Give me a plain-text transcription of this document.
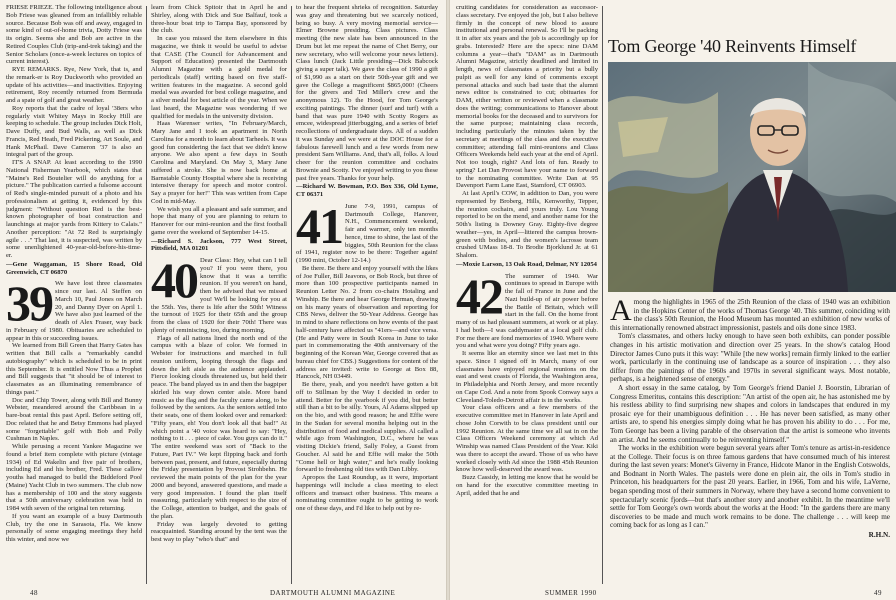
FRIESE FRIEZE. The following intelligence about Bob Friese was gleaned from an infallibly reliable source. Because Bob was off and away, engaged in some kind of out-of-home trivia, Dotty Friese was its origin. Seems she and Bob are active in the Retired Couples Club (trip-and-trek taking) and the Senior Scholars (once-a-week lectures on topics of current interest).

RYE REMARKS. Rye, New York, that is, and the remark-er is Roy Duckworth who provided an update of his activities—and inactivities. Enjoying retirement, Roy recently returned from Bermuda and a spate of golf and great weather.

Roy reports that the cadre of loyal '38ers who regularly visit Whitey Mays in Rocky Hill are keeping to schedule. The group includes Dick Holt, Dave Duffy, and Bud Walls, as well as Dick Francis, Red Heath, Fred Pickering, Art Soule, and Hank McPhail. Dave Cameron '37 is also an integral part of the group.

IT'S A SNAP. At least according to the 1990 National Fisherman Yearbook, which states that "Maine's Red Boutelier will do anything for a picture." The publication carried a fulsome account of Red's single-minded pursuit of a photo and his professionalism at getting it, evidenced by this judgment: "Without question Red is the best-known photographer of boat construction and launchings at major yards from Kittery to Calais." Another perception: "At 72 Red is surprisingly agile . . ." That last, it is suspected, was written by some unenlightened 40-year-old-before-his-time-er.

—Gene Waggaman, 15 Shore Road, Old Greenwich, CT 06870
39 We have lost three classmates since our last. Al Steffen on March 10, Paul Jones on March 20, and Danny Dyer on April 1. We have also just learned of the death of Alex Fraser, way back in February of 1980. Obituaries are scheduled to appear in this or succeeding issues.

We learned from Bill Green that Harry Gates has written that Bill calls a "remarkably candid autobiography" which is scheduled to be in print this September. It is entitled Now Thus a Prophet and Bill suggests that "it should be of interest to classmates as an illuminating remembrance of things past."

Doc and Chip Tower, along with Bill and Bunny Webster, meandered around the Caribbean in a bare-boat rental this past April. Before setting off, Doc related that he and Betsy Emmons had played some "forgettable" golf with Bob and Polly Cushman in Naples.

While perusing a recent Yankee Magazine we found a brief item complete with picture (vintage 1934) of Ed Wakelin and five pair of brothers, including Ed and his brother, Fred. These callow youths had managed to build the Biddeford Pool (Maine) Yacht Club in two summers. The club now has a membership of 100 and the story suggests that a 50th anniversary celebration was held in 1984 with seven of the original ten returning.

If you want an example of a busy Dartmouth Club, try the one in Sarasota, Fla. We know personally of some engaging meetings they held this winter, and now we

learn from Chick Spitoir that in April he and Shirley, along with Dick and Sue Balfauf, took a three-hour boat trip to Tampa Bay, sponsored by the club.

In case you missed the item elsewhere in this magazine, we think it would be useful to advise that CASE (The Council for Advancement and Support of Education) presented the Dartmouth Alumni Magazine with a gold medal for periodicals (staff) writing based on five staff-written features in the magazine. A second gold medal was awarded for best college magazine, and a silver medal for best article of the year. When we last heard, the Magazine was wondering if we qualified for medals in the university division.

Haas Warenser writes, "In February/March, Mary Jane and I took an apartment in North Carolina for a month to learn about Tarheels. It was good fun considering the fact that we didn't know anyone. We also spent a few days in South Carolina and Maryland. On May 3, Mary Jane suffered a stroke. She is now back home at Barnstable County Hospital where she is receiving intensive therapy for speech and motor control. Say a prayer for her!" This was written from Cape Cod in mid-May.

We wish you all a pleasant and safe summer, and hope that many of you are planning to return to Hanover for our mini-reunion and the first football game over the weekend of September 14-15.

—Richard S. Jackson, 777 West Street, Pittsfield, MA 01201
40 Dear Class: Hey, what can I tell you? If you were there, you know that it was a terrific reunion. If you weren't on hand, then be advised that we missed you! We'll be looking for you at the 55th. Yes, there is life after the 50th! Witness the turnout of 1925 for their 65th and the group from the class of 1920 for their 70th! There was plenty of reminiscing, too, during morning.

Flags of all nations lined the north end of the campus with a blaze of color. We formed in Webster for instructions and marched in full reunion uniform, looping through the flags and down the left aisle as the audience applauded. Fierce looking clouds threatened us, but held their peace. The band played us in and then the bagpiper skirled his way down center aisle. More band music as the flag and the faculty came along, to be followed by the seniors. As the seniors settled into their seats, one of them looked over and remarked: "Fifty years, eh! You don't look all that bad!" At which point a '40 voice was heard to say: "Hey, nothing to it . . . piece of cake. You guys can do it." The entire weekend was sort of "Back to the Future, Part IV." We kept flipping back and forth between past, present, and future, especially during the Friday presentation by Provost Strohbehn. He reviewed the main points of the plan for the year 2000 and beyond, answered questions, and made a very good impression. I found the plan itself reassuring, particularly with respect to the size of the College, attention to budget, and the goals of the plan.

Friday was largely devoted to getting reacquainted. Standing around by the tent was the best way to play "who's that" and

to hear the frequent shrieks of recognition. Saturday was gray and threatening but we scarcely noticed, being so busy. A very moving memorial service—Elmer Browne presiding. Class pictures. Class meeting (the new slate has been announced in the Drum but let me repeat the name of Chet Berry, our new secretary, who will welcome your news letters). Class lunch (Jack Little presiding—Dick Babcock giving a super talk). We gave the class of 1990 a gift of $1,990 as a start on their 50th-year gift and we gave the College a magnificent $865,000! (Cheers for the givers and Ted Miller's crew and the anonymous 12). To the Hood, for Tom George's exciting paintings. The dinner (surf and turf) with a band that was pure 1940 with Scotty Rogers as emcee, widespread jitterbugging, and a series of brief recollections of undergraduate days. All of a sudden it was Sunday and we were at the DOC House for a fabulous farewell lunch and a few words from new president Sam Williams. And, that's all, folks. A loud cheer for the reunion committee and cochairs Brownie and Scotty. I've enjoyed writing to you these past five years. Thanks for your help.

—Richard W. Bowman, P.O. Box 336, Old Lyme, CT 06371
41 June 7-9, 1991, campus of Dartmouth College, Hanover, N.H., Commencement weekend, fair and warmer, only ten months hence, time to shine, the last of the biggies, 50th Reunion for the class of 1941, register now to be there: Together again! (1990 mini, October 12-14.)

Be there. Be there and enjoy yourself with the likes of Joe Fuller, Bill Jeavons, or Bob Rock, but three of more than 100 prospective participants named in Reunion Letter No. 2 from co-chairs Hotaling and Winship. Be there and hear George Herman, drawing on his many years of observation and reporting for CBS News, deliver the 50-Year Address. George has in mind to share reflections on how events of the past half-century have affected us "41ers—and vice versa. (He and Patty were in South Korea in June to take part in commemorating the 40th anniversary of the beginning of the Korean War, George covered that as bureau chief for CBS.) Suggestions for content of the address are invited: write to George at Box 88, Hancock, NH 03449.

Be there, yeah, and you needn't have gotten a bit off to Stillman by the Way I decided in order to attend. Better for the yearbook if you did, but better still than a bit to be silly. Yours, Al Adams slipped up on the bio, and with good reason; he and Effie were in the Sudan for several months helping out in the distribution of food and medical supplies. Al called a while ago from Washington, D.C., where he was visiting Dickie's friend, Sally Foley, a Guest from Goucher. Al said he and Effie will make the 50th "Come hell or high water," and he's really looking forward to freshening old ties with Dan Libby.

Apropos the Last Roundup, as it were, important happenings will include a class meeting to elect officers and transact other business. This means a nominating committee ought to be getting to work one of these days, and I'd like to help out by re-

48	DARTMOUTH ALUMNI MAGAZINE

cruiting candidates for consideration as successor-class secretary. I've enjoyed the job, but I also believe firmly in the concept of new blood to assure institutional and personal renewal. So I'll be packing it in after six years and the job is accordingly up for grabs. Interested? Here are the specs: nine DAM columns a year—that's "DAM" as in Dartmouth Alumni Magazine, strictly deadlined and limited in length, news of classmates a priority but a bully pulpit as well for any kind of comments except personal attacks and such bad taste that the alumni news editor is constrained to cut; obituaries for DAM, either written or reviewed when a classmate does the writing; communications to Hanover about memorial books for the deceased and to survivors for the same purpose; maintaining class records, including particularly the minutes taken by the secretary at meetings of the class and the executive committee; attending fall mini-reunions and Class Officers Weekends held each year at the end of April. Not too tough, right? And lots of fun. Ready to spring? Let Dan Provost have your name to forward to the nominating committee. Write Dan at 95 Davenport Farm Lane East, Stamford, CT 06903.

At last April's COW, in addition to Dan, you were represented by Broberg, Hills, Kenworthy, Tepper, the reunion cochairs, and yours truly. Lou Young reported to be on the mend, and another name for the 50th's listing is Downey Gray. Eighty-five degree weather—yes, in April—littered the campus brown-green with bodies, and the women's lacrosse team crushed UMass 18-8. To Brodie Bjorklund Jr. at 61 Shalom.

—Moxie Larson, 13 Oak Road, Delmar, NY 12054
42 The summer of 1940. War continues to spread in Europe with the fall of France in June and the Nazi build-up of air power before the Battle of Britain, which will start in the fall. On the home front many of us had pleasant summers, at work or at play. I had both—I was caddymaster at a local golf club. For me there are fond memories of 1940. Where were you and what were you doing? Fifty years ago.

It seems like an eternity since we last met in this space. Since I signed off in March, many of our classmates have enjoyed regional reunions on the east and west coasts of Florida, the Washington area, in Philadelphia and North Jersey, and more recently on Cape Cod. And a note from Spook Conway says a Cleveland-Toledo-Detroit affair is in the works.

Your class officers and a few members of the executive committee met in Hanover in late April and chose John Corwith to be class president until our 1992 Reunion. At the same time we all sat in on the Class Officers Weekend ceremony at which Ad Winship was named Class President of the Year. Kiki was there to accept the award. Those of us who have worked closely with Ad since the 1988 45th Reunion know how well-deserved the award was.

Buzz Cassidy, in letting me know that he would be on hand for the executive committee meeting in April, added that he and

Tom George '40 Reinvents Himself

Among the highlights in 1965 of the 25th Reunion of the class of 1940 was an exhibition in the Hopkins Center of the works of Thomas George '40. This summer, coinciding with the class's 50th Reunion, the Hood Museum has mounted an exhibition of new works of this internationally renowned abstract impressionist, pastels and oils done since 1983.

Tom's classmates, and others lucky enough to have seen both exhibits, can ponder possible changes in his artistic motivation and direction over 25 years. In the show's catalog Hood Director James Cuno puts it this way: "While [the new works] remain firmly linked to the earlier work, particularly in the continuing use of landscape as a source of inspiration . . . they also differ from the paintings of the 1960s and 1970s in several significant ways. Most notable, perhaps, is a heightened sense of energy."

A short essay in the same catalog, by Tom George's friend Daniel J. Boorstin, Librarian of Congress Emeritus, contains this description: "An artist of the open air, he has astonished me by his restless ability to find surprising new shapes and colors in landscapes that endured in my prosaic eye for their unambiguous definition . . . He has never been satisfied, as many other artists are, to spend his energies simply doing what he has proven his ability to do . . . For me, Tom George has been a living parable of the observation that the artist is someone who invents an artist. And he seems continually to be reinventing himself."

The works in the exhibition were begun several years after Tom's tenure as artist-in-residence at the College. Their focus is on three famous gardens that have consumed much of his interest during the last seven years: Monet's Giverny in France, Hidcote Manor in the English Cotswolds, and Bodnant in North Wales. The pastels were done en plein air, the oils in Tom's studio in Princeton, his headquarters for the past 20 years. Earlier, in 1966, Tom and his wife, LaVerne, began spending most of their summers in Norway, where they have a second home convenient to spectacularly scenic fjords—but that's another story and another exhibit. In the meantime we'll settle for Tom George's own words about the works at the Hood: "In the gardens there are many discoveries to be made and much work remains to be done. The challenge . . . will keep me coming back for as long as I can."

R.H.N.
SUMMER 1990	49
